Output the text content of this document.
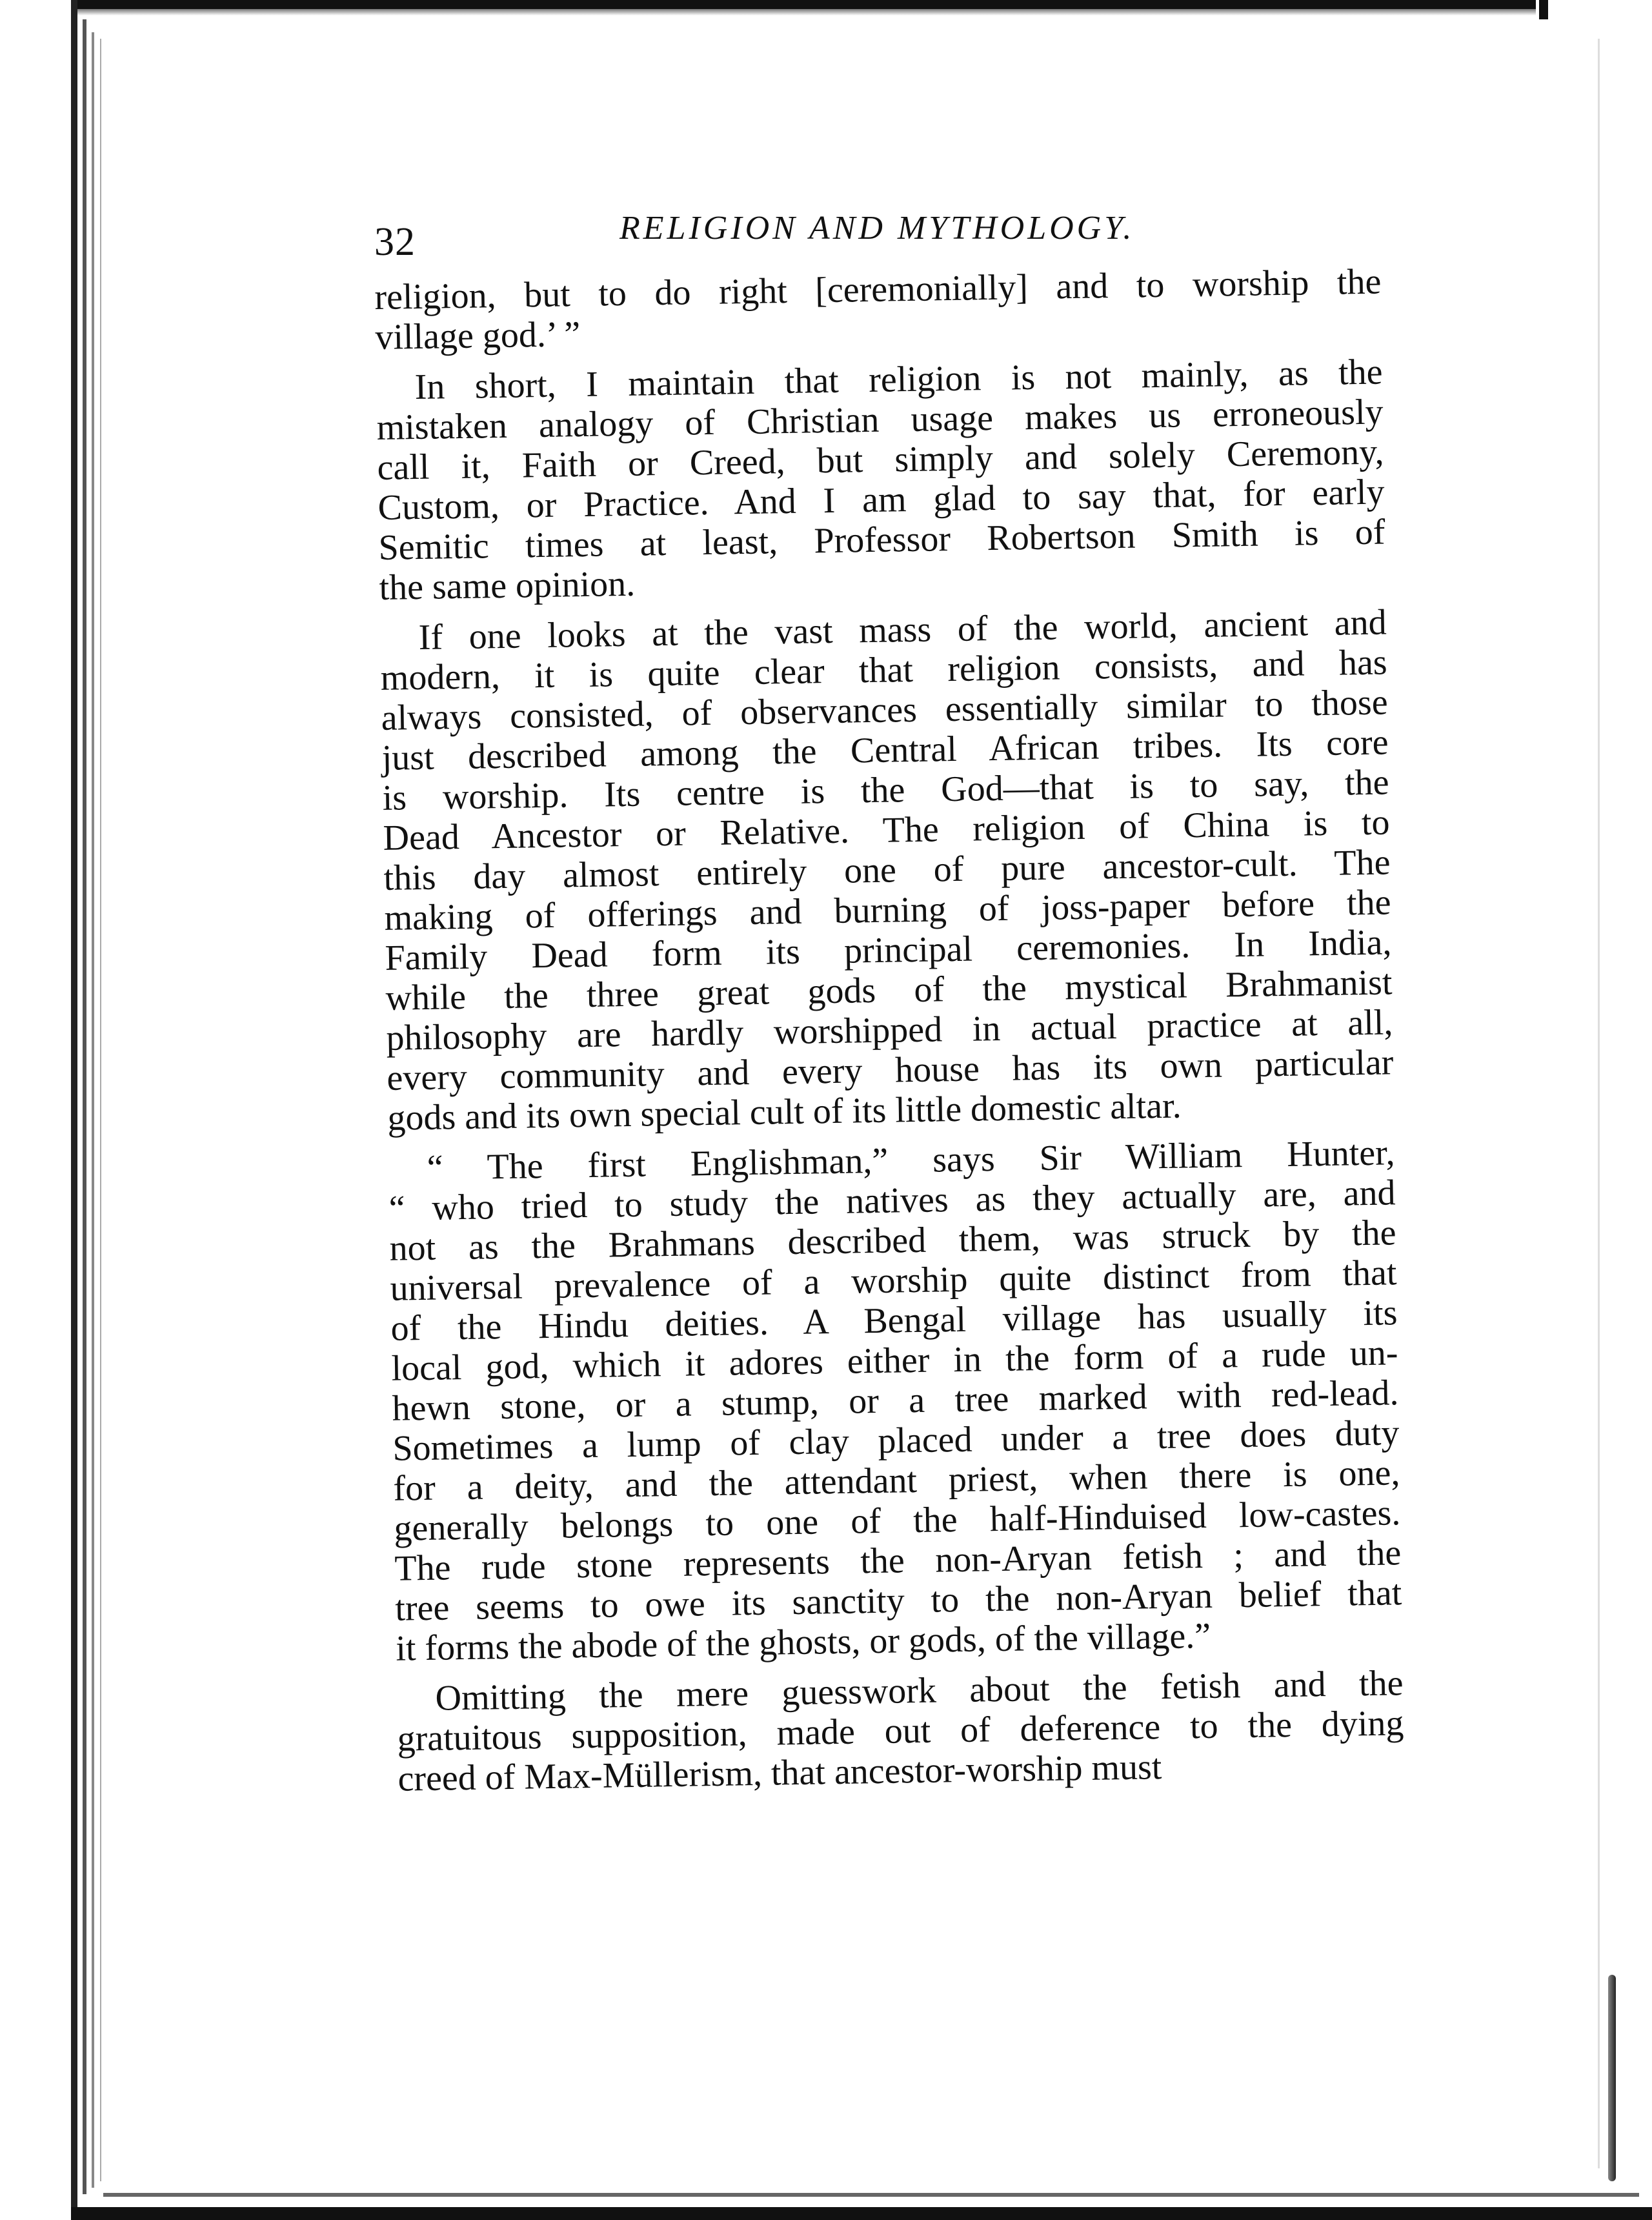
32	RELIGION AND MYTHOLOGY.
religion, but to do right [ceremonially] and to worship the
village god.’ ”
In short, I maintain that religion is not mainly, as the
mistaken analogy of Christian usage makes us erroneously
call it, Faith or Creed, but simply and solely Ceremony,
Custom, or Practice. And I am glad to say that, for early
Semitic times at least, Professor Robertson Smith is of
the same opinion.
If one looks at the vast mass of the world, ancient and
modern, it is quite clear that religion consists, and has
always consisted, of observances essentially similar to those
just described among the Central African tribes. Its core
is worship. Its centre is the God—that is to say, the
Dead Ancestor or Relative. The religion of China is to
this day almost entirely one of pure ancestor-cult. The
making of offerings and burning of joss-paper before the
Family Dead form its principal ceremonies. In India,
while the three great gods of the mystical Brahmanist
philosophy are hardly worshipped in actual practice at all,
every community and every house has its own particular
gods and its own special cult of its little domestic altar.
“ The first Englishman,” says Sir William Hunter,
“ who tried to study the natives as they actually are, and
not as the Brahmans described them, was struck by the
universal prevalence of a worship quite distinct from that
of the Hindu deities. A Bengal village has usually its
local god, which it adores either in the form of a rude un-
hewn stone, or a stump, or a tree marked with red-lead.
Sometimes a lump of clay placed under a tree does duty
for a deity, and the attendant priest, when there is one,
generally belongs to one of the half-Hinduised low-castes.
The rude stone represents the non-Aryan fetish ; and the
tree seems to owe its sanctity to the non-Aryan belief that
it forms the abode of the ghosts, or gods, of the village.”
Omitting the mere guesswork about the fetish and the
gratuitous supposition, made out of deference to the dying
creed of Max-Müllerism, that ancestor-worship must
